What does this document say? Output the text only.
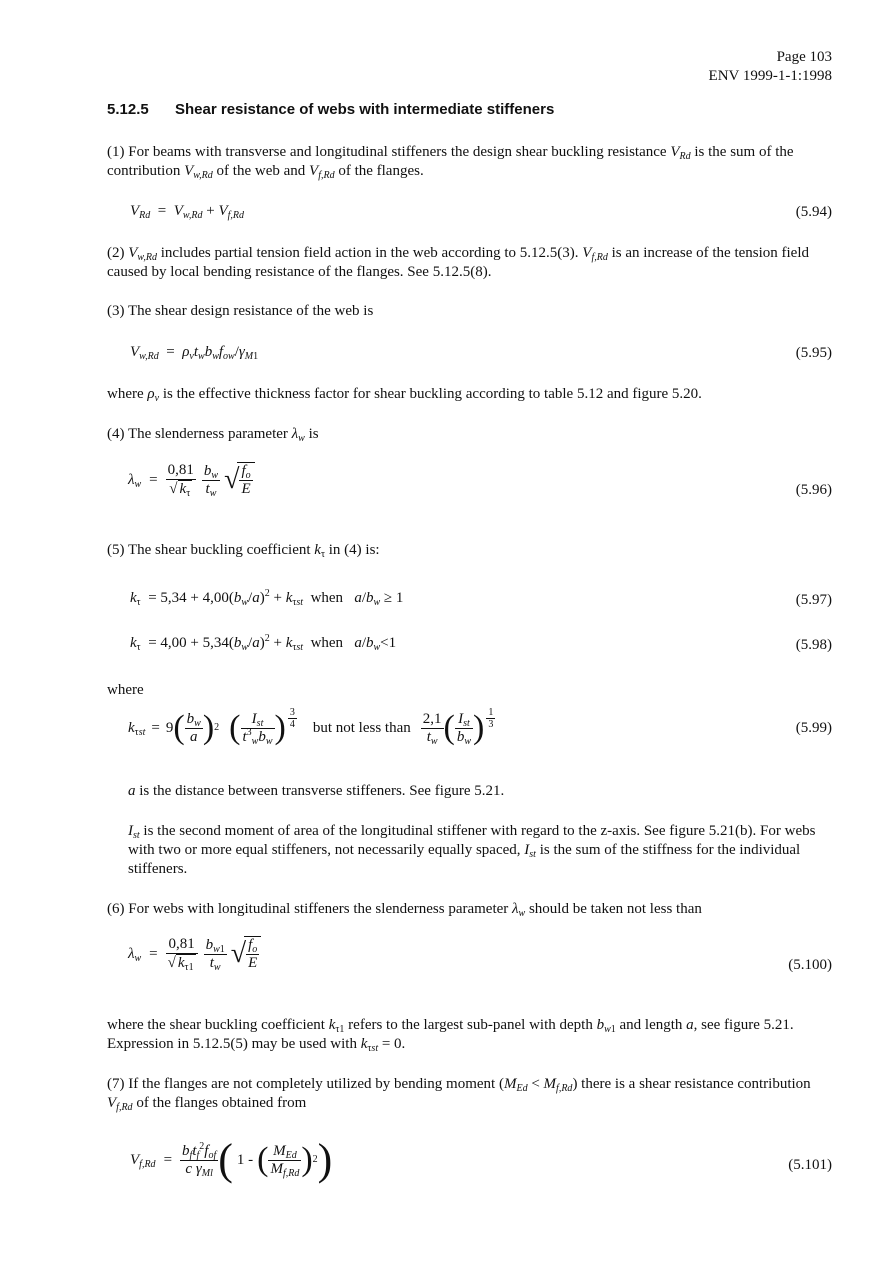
Page 103
ENV 1999-1-1:1998
5.12.5 Shear resistance of webs with intermediate stiffeners
(1) For beams with transverse and longitudinal stiffeners the design shear buckling resistance $V_{Rd}$ is the sum of the contribution $V_{w,Rd}$ of the web and $V_{f,Rd}$ of the flanges.
$V_{Rd} = V_{w,Rd} + V_{f,Rd}$	(5.94)
(2) $V_{w,Rd}$ includes partial tension field action in the web according to 5.12.5(3). $V_{f,Rd}$ is an increase of the tension field caused by local bending resistance of the flanges. See 5.12.5(8).
(3) The shear design resistance of the web is
$V_{w,Rd} = \rho_vt_wb_wf_{ow}/\gamma_{M1}$	(5.95)
where $\rho_v$ is the effective thickness factor for shear buckling according to table 5.12 and figure 5.20.
(4) The slenderness parameter $\lambda_w$ is
$\lambda_w = \frac{0,81}{√ k_\tau} \frac{b_w}{t_w}$ √ $\frac{f_o}{E}$	(5.96)
(5) The shear buckling coefficient $k_\tau$ in (4) is:
$k_\tau = 5,34 + 4,00(b_w/a)^2 + k_{\tau st}$ when $a/b_w \ge 1$	(5.97)
$k_\tau = 4,00 + 5,34(b_w/a)^2 + k_{\tau st}$ when $a/b_w<1$	(5.98)
where
$k_{\tau st} = 9$ ( $\frac{b_w}{a}$ ) 2 ( $\frac{I_{st}}{t^3_wb_w}$ ) $\frac{3}{4}$ but not less than $\frac{2,1}{t_w}$ ( $\frac{I_{st}}{b_w}$ ) $\frac{1}{3}$	(5.99)
a is the distance between transverse stiffeners. See figure 5.21.
$I_{st}$ is the second moment of area of the longitudinal stiffener with regard to the z-axis. See figure 5.21(b). For webs with two or more equal stiffeners, not necessarily equally spaced, $I_{st}$ is the sum of the stiffness for the individual stiffeners.
(6) For webs with longitudinal stiffeners the slenderness parameter $\lambda_w$ should be taken not less than
$\lambda_w = \frac{0,81}{√ k_{\tau 1}} \frac{b_{w1}}{t_w}$ √ $\frac{f_o}{E}$	(5.100)
where the shear buckling coefficient $k_{\tau 1}$ refers to the largest sub-panel with depth $b_{w1}$ and length a, see figure 5.21. Expression in 5.12.5(5) may be used with $k_{\tau st} = 0$.
(7) If the flanges are not completely utilized by bending moment $(M_{Ed} < M_{f,Rd})$ there is a shear resistance contribution $V_{f,Rd}$ of the flanges obtained from
$V_{f,Rd} = \frac{b_ft_f^2f_{of}}{c \gamma_{Ml}}$ ( 1 - ( $\frac{M_{Ed}}{M_{f,Rd}}$ ) 2 )	(5.101)
